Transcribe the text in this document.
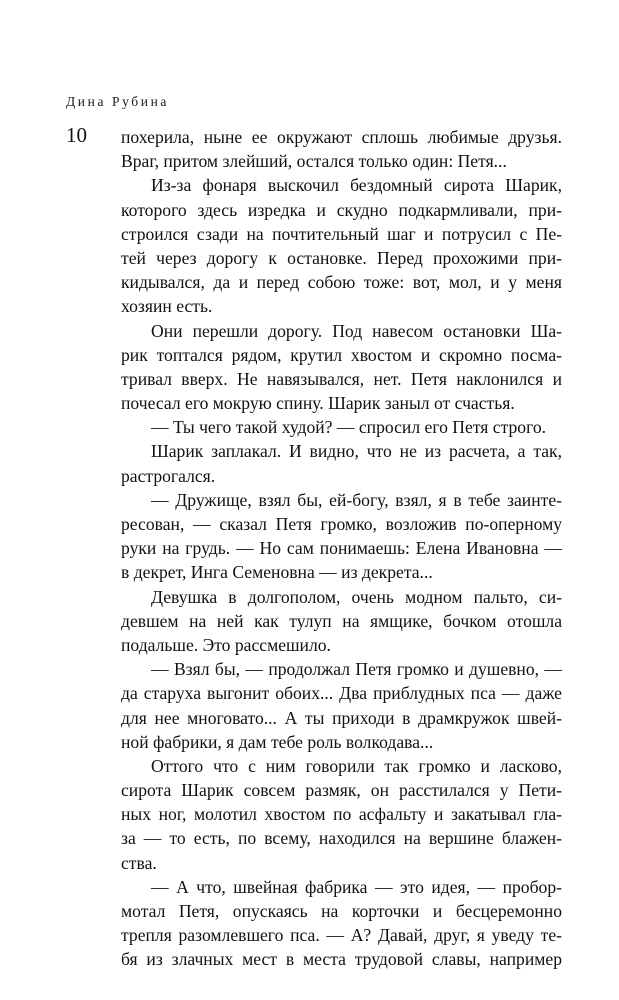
Дина Рубина
10 похерила, ныне ее окружают сплошь любимые друзья.
Враг, притом злейший, остался только один: Петя...
Из-за фонаря выскочил бездомный сирота Шарик,
которого здесь изредка и скудно подкармливали, при-
строился сзади на почтительный шаг и потрусил с Пе-
тей через дорогу к остановке. Перед прохожими при-
кидывался, да и перед собою тоже: вот, мол, и у меня
хозяин есть.
Они перешли дорогу. Под навесом остановки Ша-
рик топтался рядом, крутил хвостом и скромно посма-
тривал вверх. Не навязывался, нет. Петя наклонился и
почесал его мокрую спину. Шарик заныл от счастья.
— Ты чего такой худой? — спросил его Петя строго.
Шарик заплакал. И видно, что не из расчета, а так,
растрогался.
— Дружище, взял бы, ей-богу, взял, я в тебе заинте-
ресован, — сказал Петя громко, возложив по-оперному
руки на грудь. — Но сам понимаешь: Елена Ивановна —
в декрет, Инга Семеновна — из декрета...
Девушка в долгополом, очень модном пальто, си-
девшем на ней как тулуп на ямщике, бочком отошла
подальше. Это рассмешило.
— Взял бы, — продолжал Петя громко и душевно, —
да старуха выгонит обоих... Два приблудных пса — даже
для нее многовато... А ты приходи в драмкружок швей-
ной фабрики, я дам тебе роль волкодава...
Оттого что с ним говорили так громко и ласково,
сирота Шарик совсем размяк, он расстилался у Пети-
ных ног, молотил хвостом по асфальту и закатывал гла-
за — то есть, по всему, находился на вершине блажен-
ства.
— А что, швейная фабрика — это идея, — пробор-
мотал Петя, опускаясь на корточки и бесцеремонно
трепля разомлевшего пса. — А? Давай, друг, я уведу те-
бя из злачных мест в места трудовой славы, например
